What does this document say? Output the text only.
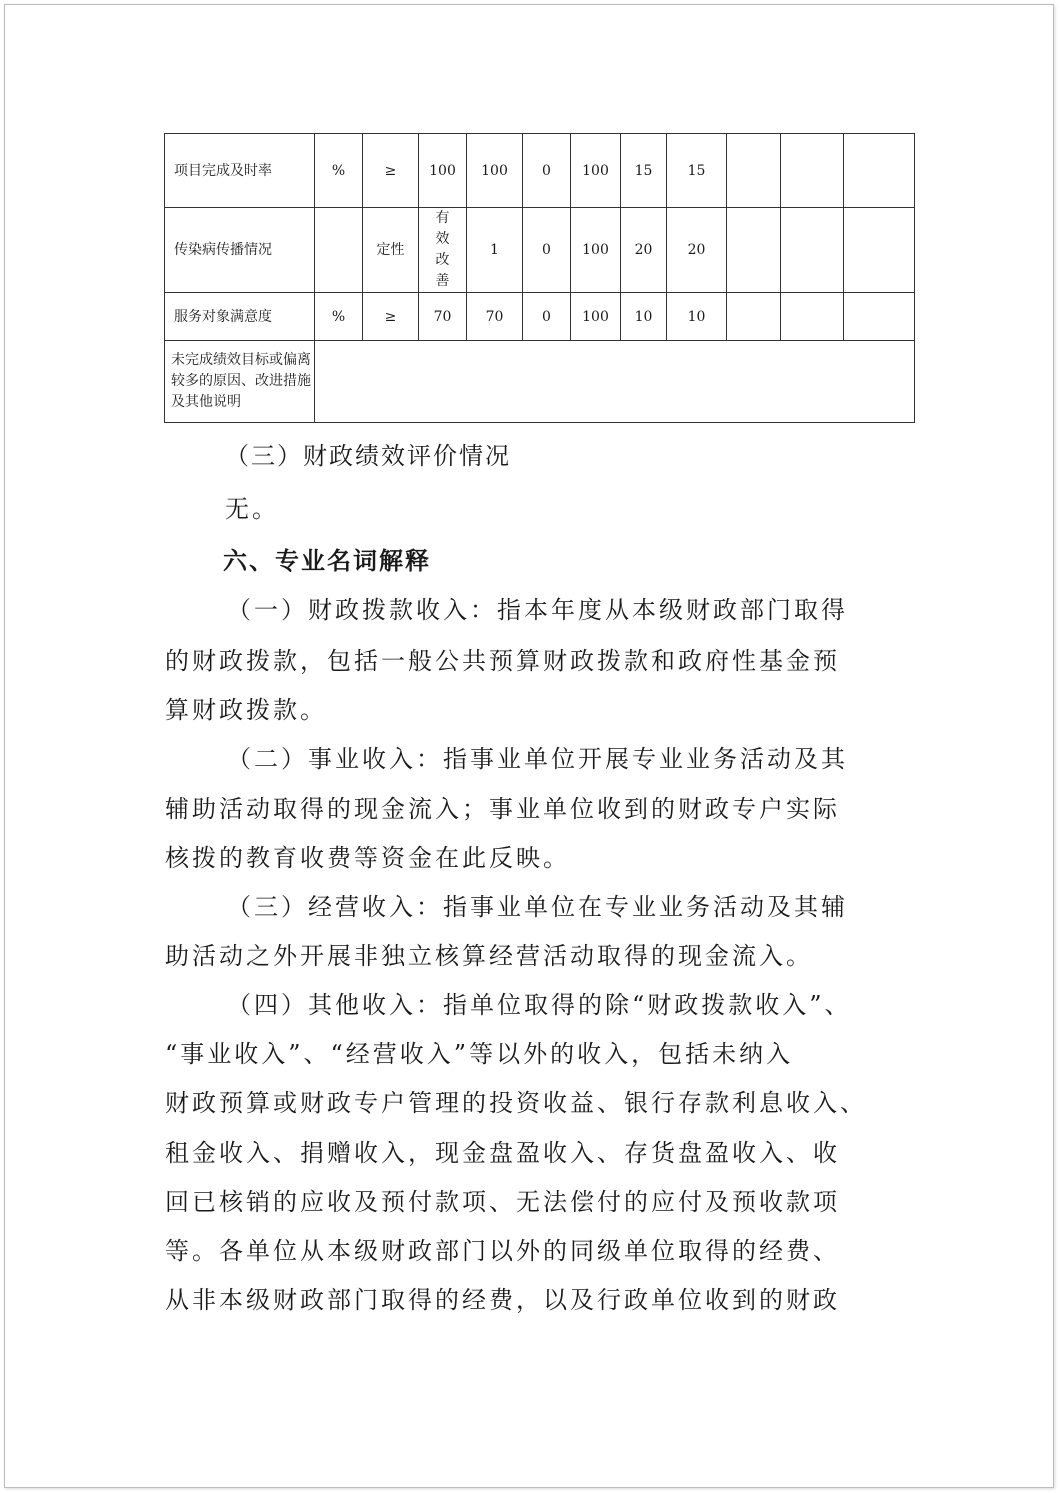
项目完成及时率	%	≥	100	100	0	100	15	15			
传染病传播情况		定性	有效改善	1	0	100	20	20			
服务对象满意度	%	≥	70	70	0	100	10	10			
未完成绩效目标或偏离较多的原因、改进措施及其他说明											
（三）财政绩效评价情况
无。
六、专业名词解释
（一）财政拨款收入：指本年度从本级财政部门取得
的财政拨款，包括一般公共预算财政拨款和政府性基金预
算财政拨款。
（二）事业收入：指事业单位开展专业业务活动及其
辅助活动取得的现金流入；事业单位收到的财政专户实际
核拨的教育收费等资金在此反映。
（三）经营收入：指事业单位在专业业务活动及其辅
助活动之外开展非独立核算经营活动取得的现金流入。
（四）其他收入：指单位取得的除“财政拨款收入”、
“事业收入”、“经营收入”等以外的收入，包括未纳入
财政预算或财政专户管理的投资收益、银行存款利息收入、
租金收入、捐赠收入，现金盘盈收入、存货盘盈收入、收
回已核销的应收及预付款项、无法偿付的应付及预收款项
等。各单位从本级财政部门以外的同级单位取得的经费、
从非本级财政部门取得的经费，以及行政单位收到的财政
